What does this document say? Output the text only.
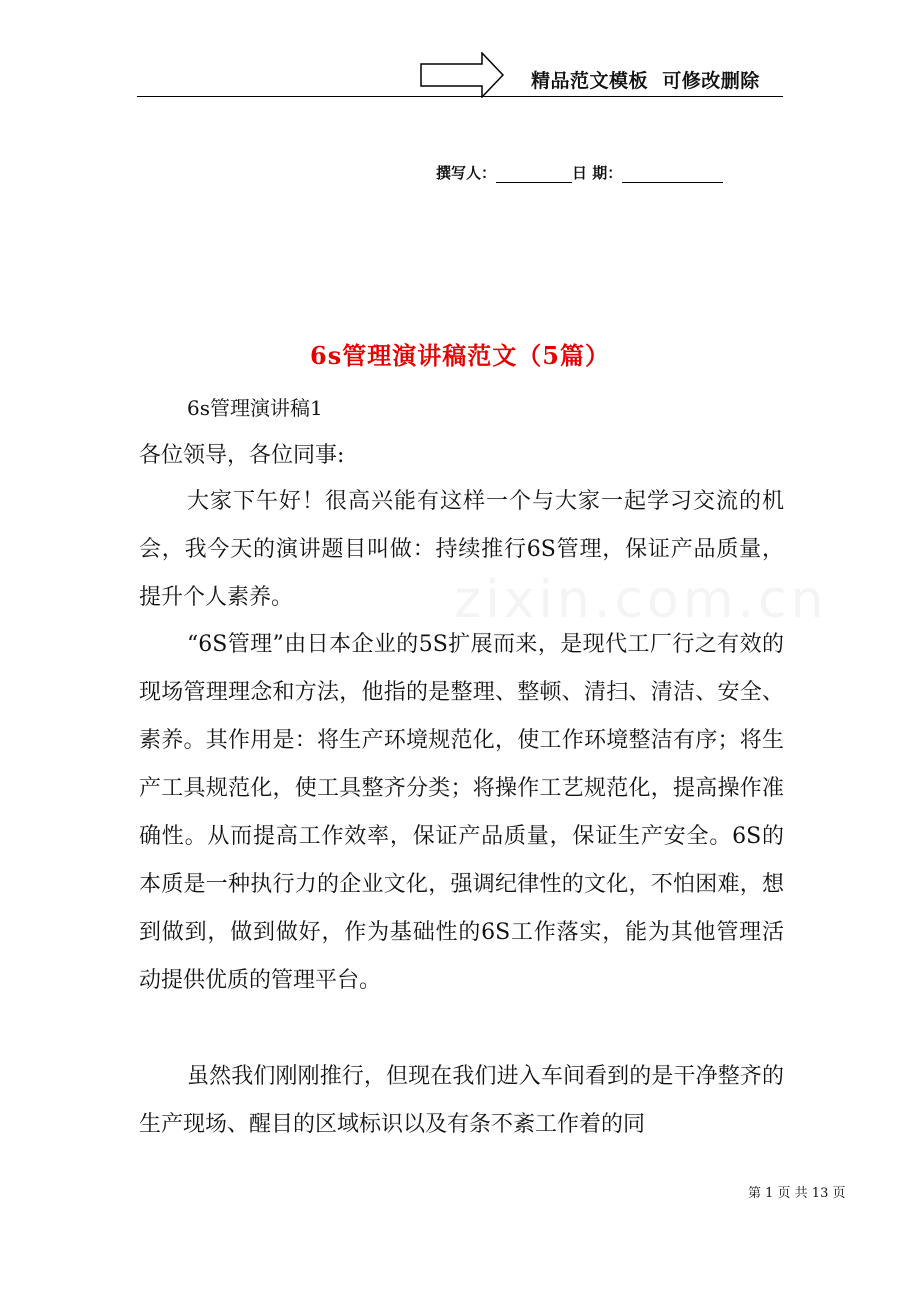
精品范文模板  可修改删除
撰写人：	日 期：
6s管理演讲稿范文（5篇）
6s管理演讲稿1
各位领导，各位同事:

大家下午好！很高兴能有这样一个与大家一起学习交流的机会，我今天的演讲题目叫做：持续推行6S管理，保证产品质量，提升个人素养。

“6S管理”由日本企业的5S扩展而来，是现代工厂行之有效的现场管理理念和方法，他指的是整理、整顿、清扫、清洁、安全、素养。其作用是：将生产环境规范化，使工作环境整洁有序；将生产工具规范化，使工具整齐分类；将操作工艺规范化，提高操作准确性。从而提高工作效率，保证产品质量，保证生产安全。6S的本质是一种执行力的企业文化，强调纪律性的文化，不怕困难，想到做到，做到做好，作为基础性的6S工作落实，能为其他管理活动提供优质的管理平台。

虽然我们刚刚推行，但现在我们进入车间看到的是干净整齐的生产现场、醒目的区域标识以及有条不紊工作着的同

第 1 页 共 13 页
